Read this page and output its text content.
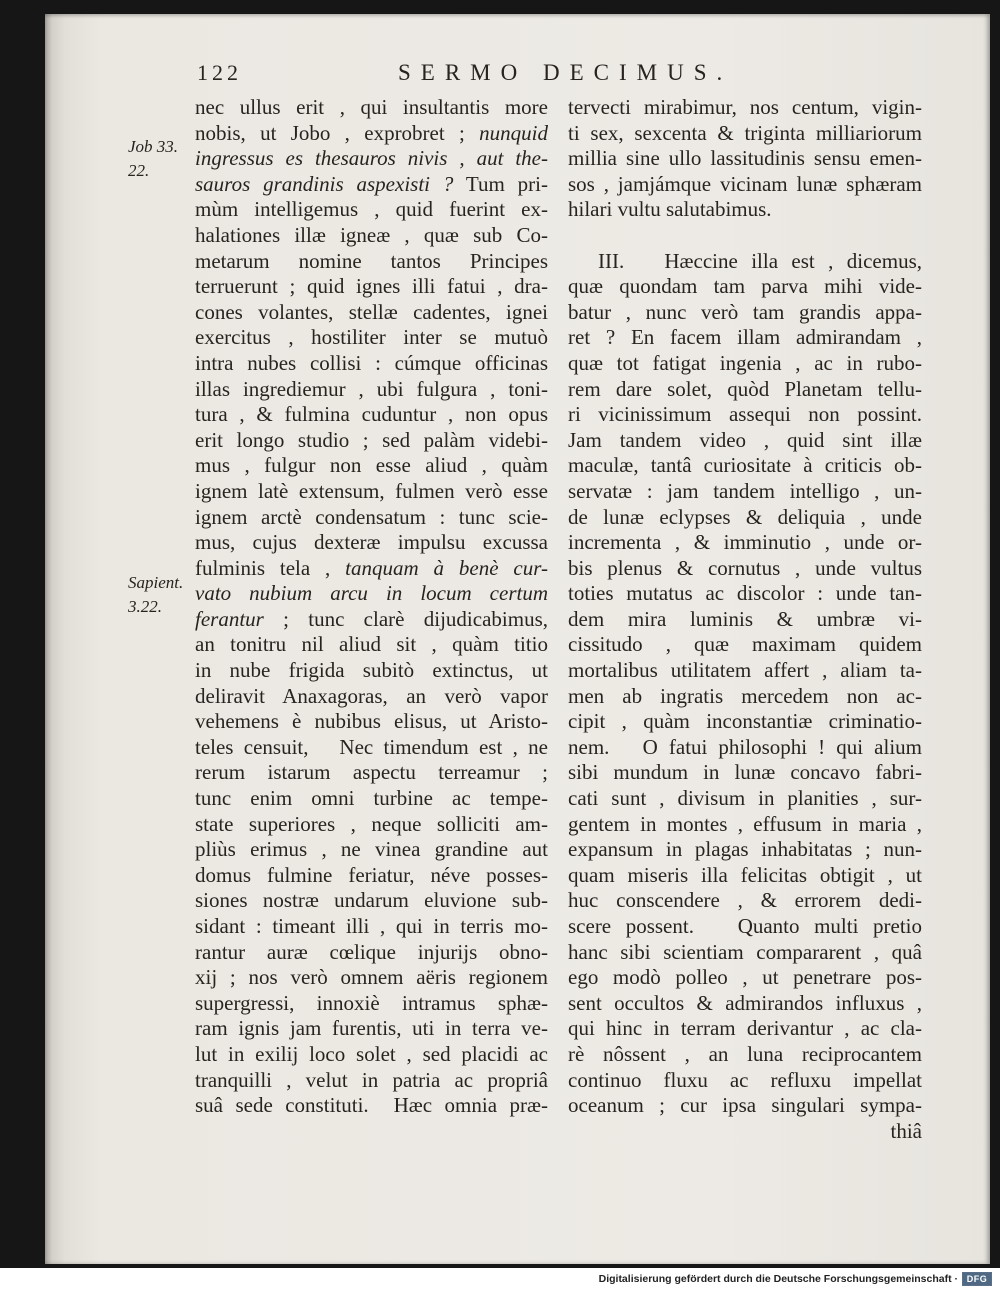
122	SERMO DECIMUS.
Job 33.
22.
Sapient.
3.22.
nec ullus erit , qui insultantis more
nobis, ut Jobo , exprobret ; nunquid
ingressus es thesauros nivis , aut the-
sauros grandinis aspexisti ? Tum pri-
mùm intelligemus , quid fuerint ex-
halationes illæ igneæ , quæ sub Co-
metarum nomine tantos Principes
terruerunt ; quid ignes illi fatui , dra-
cones volantes, stellæ cadentes, ignei
exercitus , hostiliter inter se mutuò
intra nubes collisi : cúmque officinas
illas ingrediemur , ubi fulgura , toni-
tura , & fulmina cuduntur , non opus
erit longo studio ; sed palàm videbi-
mus , fulgur non esse aliud , quàm
ignem latè extensum, fulmen verò esse
ignem arctè condensatum : tunc scie-
mus, cujus dexteræ impulsu excussa
fulminis tela , tanquam à benè cur-
vato nubium arcu in locum certum
ferantur ; tunc clarè dijudicabimus,
an tonitru nil aliud sit , quàm titio
in nube frigida subitò extinctus, ut
deliravit Anaxagoras, an verò vapor
vehemens è nubibus elisus, ut Aristo-
teles censuit,   Nec timendum est , ne
rerum istarum aspectu terreamur ;
tunc enim omni turbine ac tempe-
state superiores , neque solliciti am-
pliùs erimus , ne vinea grandine aut
domus fulmine feriatur, néve posses-
siones nostræ undarum eluvione sub-
sidant : timeant illi , qui in terris mo-
rantur auræ cœlique injurijs obno-
xij ; nos verò omnem aëris regionem
supergressi, innoxiè intramus sphæ-
ram ignis jam furentis, uti in terra ve-
lut in exilij loco solet , sed placidi ac
tranquilli , velut in patria ac propriâ
suâ sede constituti.  Hæc omnia præ-
tervecti mirabimur, nos centum, vigin-
ti sex, sexcenta & triginta milliariorum
millia sine ullo lassitudinis sensu emen-
sos , jamjámque vicinam lunæ sphæram
hilari vultu salutabimus.
III.   Hæccine illa est , dicemus,
quæ quondam tam parva mihi vide-
batur , nunc verò tam grandis appa-
ret ? En facem illam admirandam ,
quæ tot fatigat ingenia , ac in rubo-
rem dare solet, quòd Planetam tellu-
ri vicinissimum assequi non possint.
Jam tandem video , quid sint illæ
maculæ, tantâ curiositate à criticis ob-
servatæ : jam tandem intelligo , un-
de lunæ eclypses & deliquia , unde
incrementa , & imminutio , unde or-
bis plenus & cornutus , unde vultus
toties mutatus ac discolor : unde tan-
dem mira luminis & umbræ vi-
cissitudo , quæ maximam quidem
mortalibus utilitatem affert , aliam ta-
men ab ingratis mercedem non ac-
cipit , quàm inconstantiæ criminatio-
nem.   O fatui philosophi ! qui alium
sibi mundum in lunæ concavo fabri-
cati sunt , divisum in planities , sur-
gentem in montes , effusum in maria ,
expansum in plagas inhabitatas ; nun-
quam miseris illa felicitas obtigit , ut
huc conscendere , & errorem dedi-
scere possent.   Quanto multi pretio
hanc sibi scientiam compararent , quâ
ego modò polleo , ut penetrare pos-
sent occultos & admirandos influxus ,
qui hinc in terram derivantur , ac cla-
rè nôssent , an luna reciprocantem
continuo fluxu ac refluxu impellat
oceanum ; cur ipsa singulari sympa-
thiâ
Digitalisierung gefördert durch die Deutsche Forschungsgemeinschaft · DFG
